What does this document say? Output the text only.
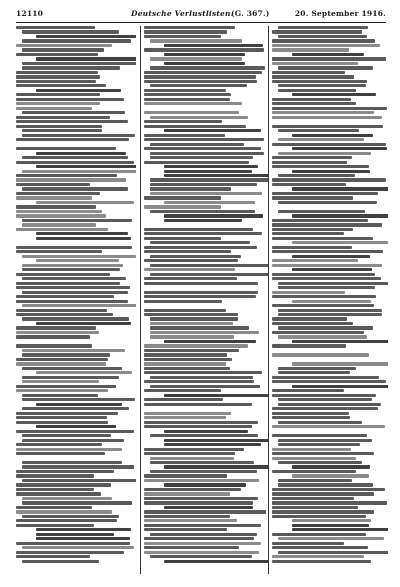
12110	Deutsche Verlustlisten.
(G. 367.)	20. September 1916.
